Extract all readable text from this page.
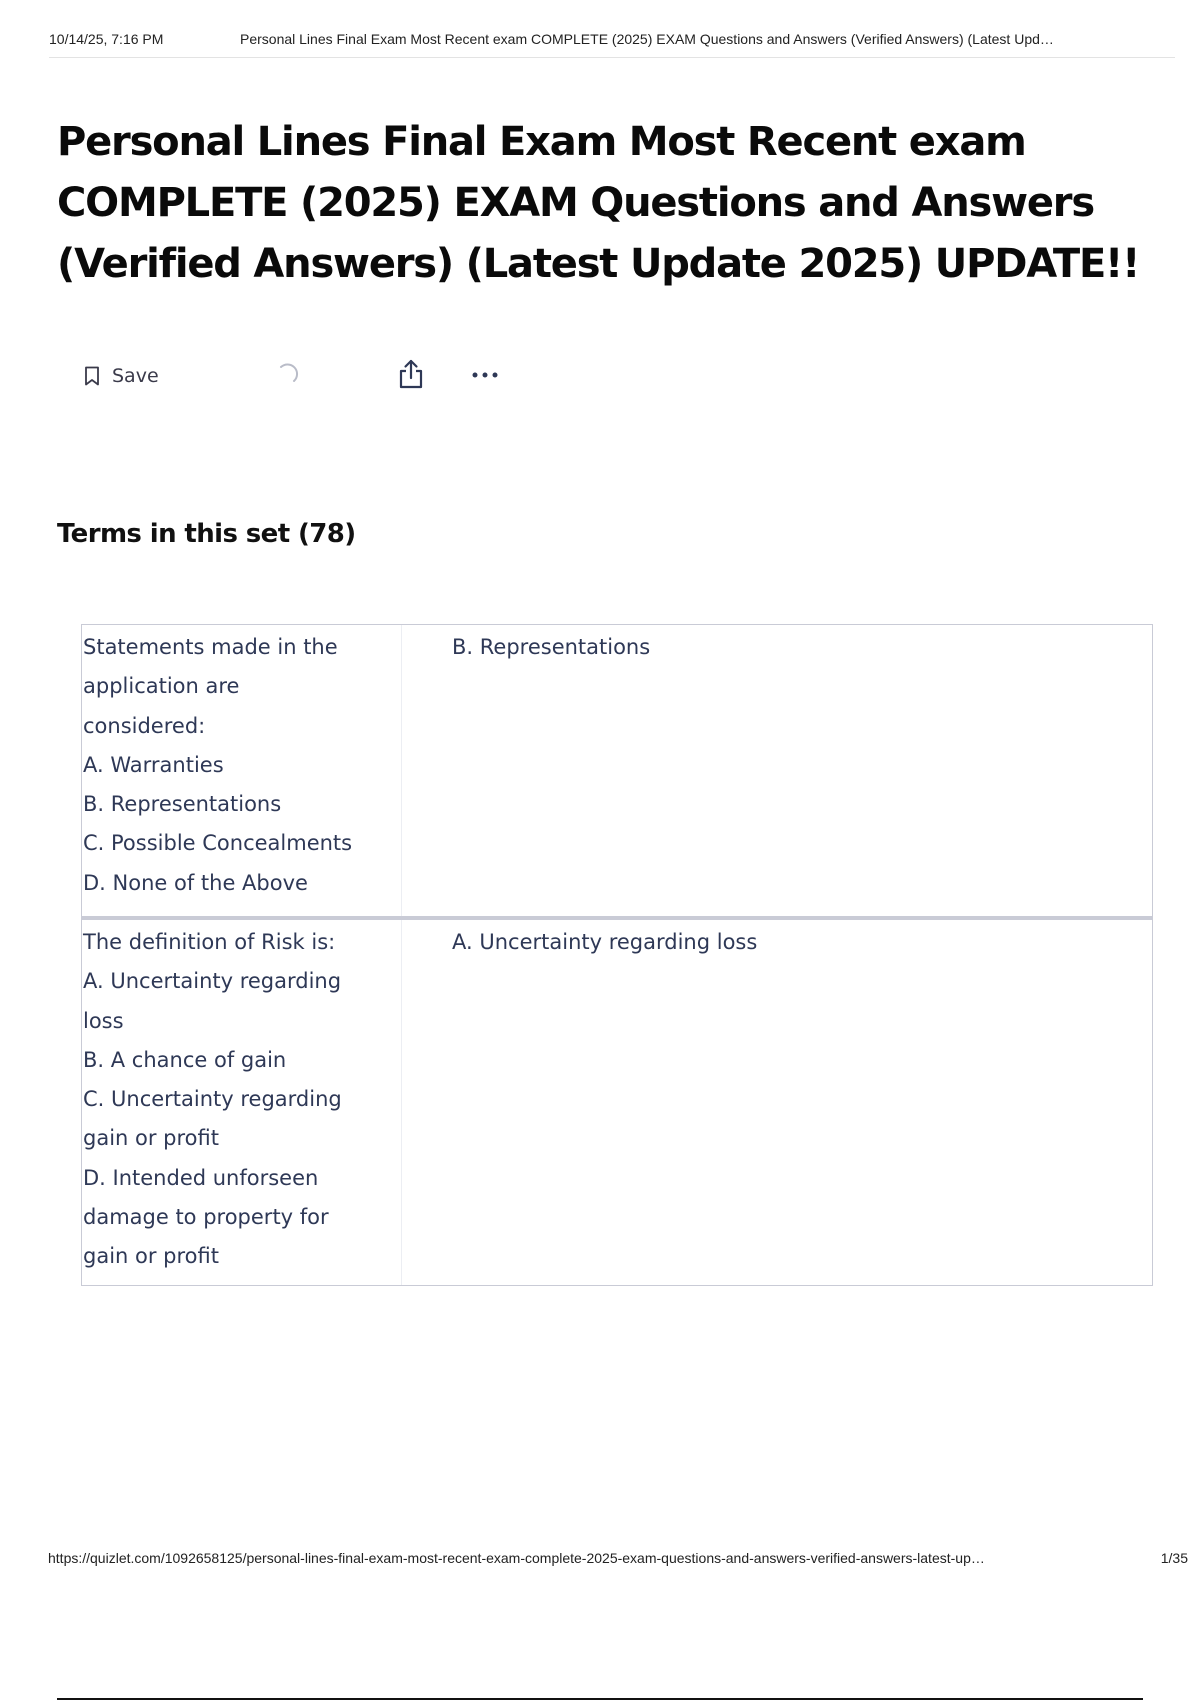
10/14/25, 7:16 PM	Personal Lines Final Exam Most Recent exam COMPLETE (2025) EXAM Questions and Answers (Verified Answers) (Latest Upd…
Personal Lines Final Exam Most Recent exam COMPLETE (2025) EXAM Questions and Answers (Verified Answers) (Latest Update 2025) UPDATE!!
Save
Terms in this set (78)
Statements made in the
application are
considered:
A. Warranties
B. Representations
C. Possible Concealments
D. None of the Above
B. Representations
The definition of Risk is:
A. Uncertainty regarding
loss
B. A chance of gain
C. Uncertainty regarding
gain or profit
D. Intended unforseen
damage to property for
gain or profit
A. Uncertainty regarding loss
https://quizlet.com/1092658125/personal-lines-final-exam-most-recent-exam-complete-2025-exam-questions-and-answers-verified-answers-latest-up…	1/35
